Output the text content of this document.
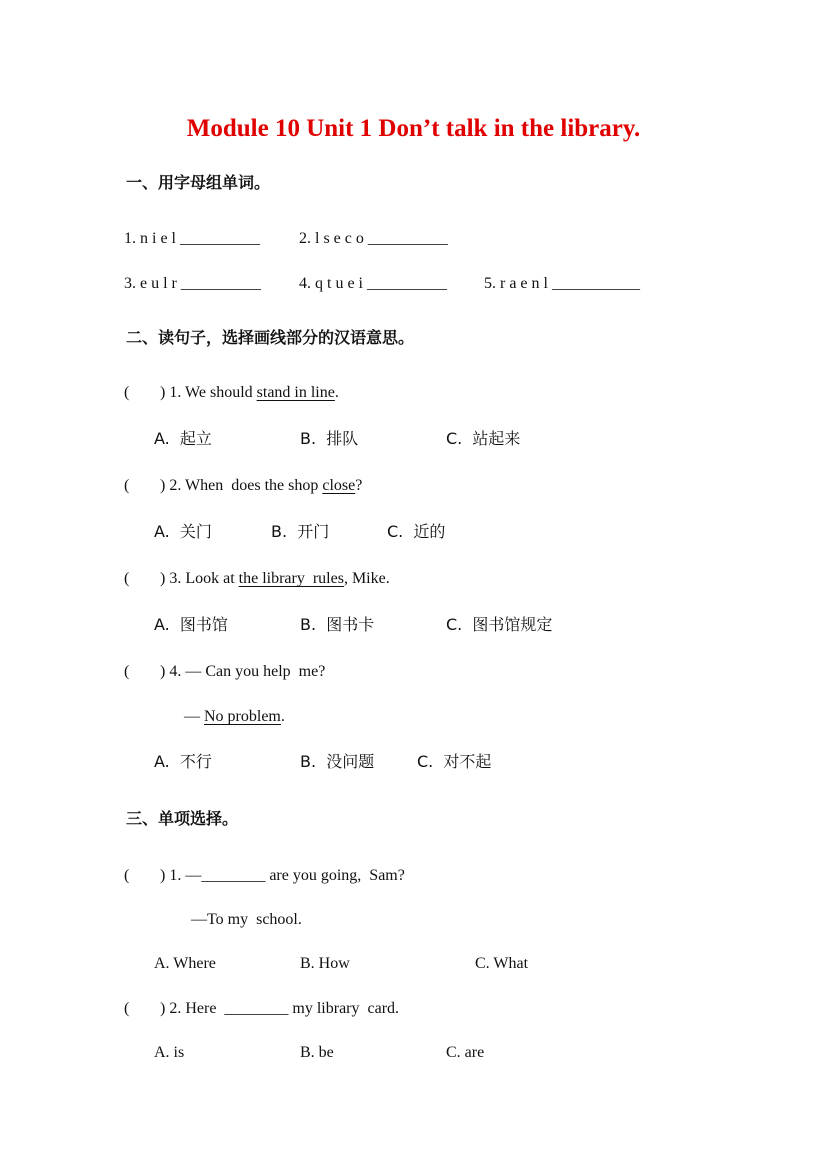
Module 10 Unit 1 Don’t talk in the library.
一、用字母组单词。
1. n i e l __________ 2. l s e c o __________
3. e u l r __________ 4. q t u e i __________ 5. r a e n l ___________
二、读句子，选择画线部分的汉语意思。
( ) 1. We should stand in line.
A.  起立	B.  排队	C.  站起来
( ) 2. When  does the shop close?
A.  关门	B.  开门	C.  近的
( ) 3. Look at the library  rules, Mike.
A.  图书馆	B.  图书卡	C.  图书馆规定
( ) 4. — Can you help  me?
— No problem.
A.  不行	B.  没问题	C.  对不起
三、单项选择。
( ) 1. —________ are you going,  Sam?
—To my  school.
A. Where	B. How	C. What
( ) 2. Here  ________ my library  card.
A. is	B. be	C. are
